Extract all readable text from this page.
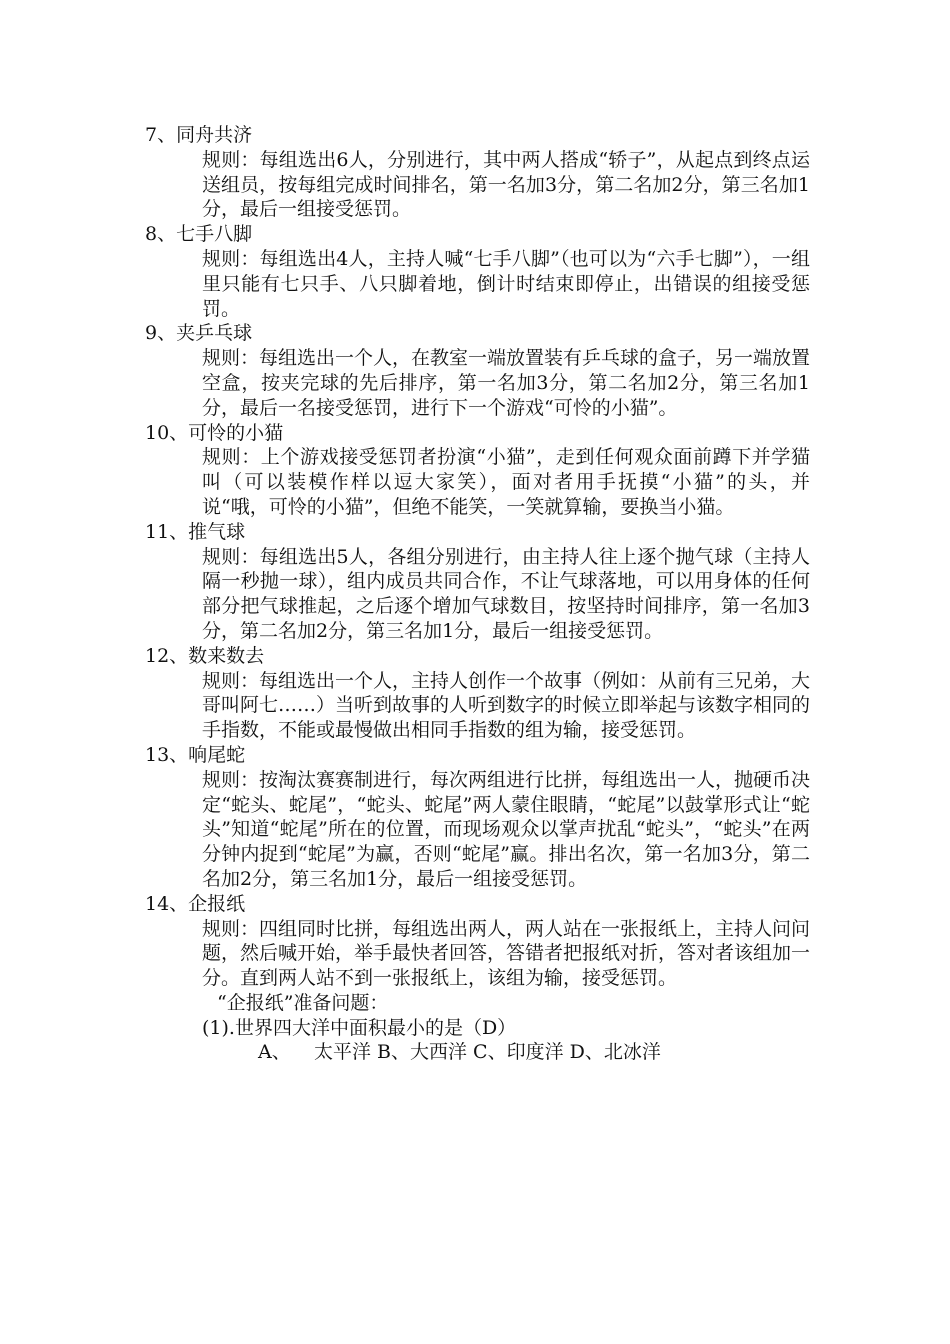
7、同舟共济

规则：每组选出6人，分别进行，其中两人搭成“轿子”，从起点到终点运送组员，按每组完成时间排名，第一名加3分，第二名加2分，第三名加1分，最后一组接受惩罚。

8、七手八脚

规则：每组选出4人，主持人喊“七手八脚”（也可以为“六手七脚”），一组里只能有七只手、八只脚着地，倒计时结束即停止，出错误的组接受惩罚。

9、夹乒乓球

规则：每组选出一个人，在教室一端放置装有乒乓球的盒子，另一端放置空盒，按夹完球的先后排序，第一名加3分，第二名加2分，第三名加1分，最后一名接受惩罚，进行下一个游戏“可怜的小猫”。

10、可怜的小猫

规则：上个游戏接受惩罚者扮演“小猫”，走到任何观众面前蹲下并学猫叫（可以装模作样以逗大家笑），面对者用手抚摸“小猫”的头，并说“哦，可怜的小猫”，但绝不能笑，一笑就算输，要换当小猫。

11、推气球

规则：每组选出5人，各组分别进行，由主持人往上逐个抛气球（主持人隔一秒抛一球），组内成员共同合作，不让气球落地，可以用身体的任何部分把气球推起，之后逐个增加气球数目，按坚持时间排序，第一名加3分，第二名加2分，第三名加1分，最后一组接受惩罚。

12、数来数去

规则：每组选出一个人，主持人创作一个故事（例如：从前有三兄弟，大哥叫阿七……）当听到故事的人听到数字的时候立即举起与该数字相同的手指数，不能或最慢做出相同手指数的组为输，接受惩罚。

13、响尾蛇

规则：按淘汰赛赛制进行，每次两组进行比拼，每组选出一人，抛硬币决定“蛇头、蛇尾”，“蛇头、蛇尾”两人蒙住眼睛，“蛇尾”以鼓掌形式让“蛇头”知道“蛇尾”所在的位置，而现场观众以掌声扰乱“蛇头”，“蛇头”在两分钟内捉到“蛇尾”为赢，否则“蛇尾”赢。排出名次，第一名加3分，第二名加2分，第三名加1分，最后一组接受惩罚。

14、企报纸

规则：四组同时比拼，每组选出两人，两人站在一张报纸上，主持人问问题，然后喊开始，举手最快者回答，答错者把报纸对折，答对者该组加一分。直到两人站不到一张报纸上，该组为输，接受惩罚。

“企报纸”准备问题：

(1).世界四大洋中面积最小的是（D）

A、 太平洋 B、大西洋 C、印度洋 D、北冰洋
